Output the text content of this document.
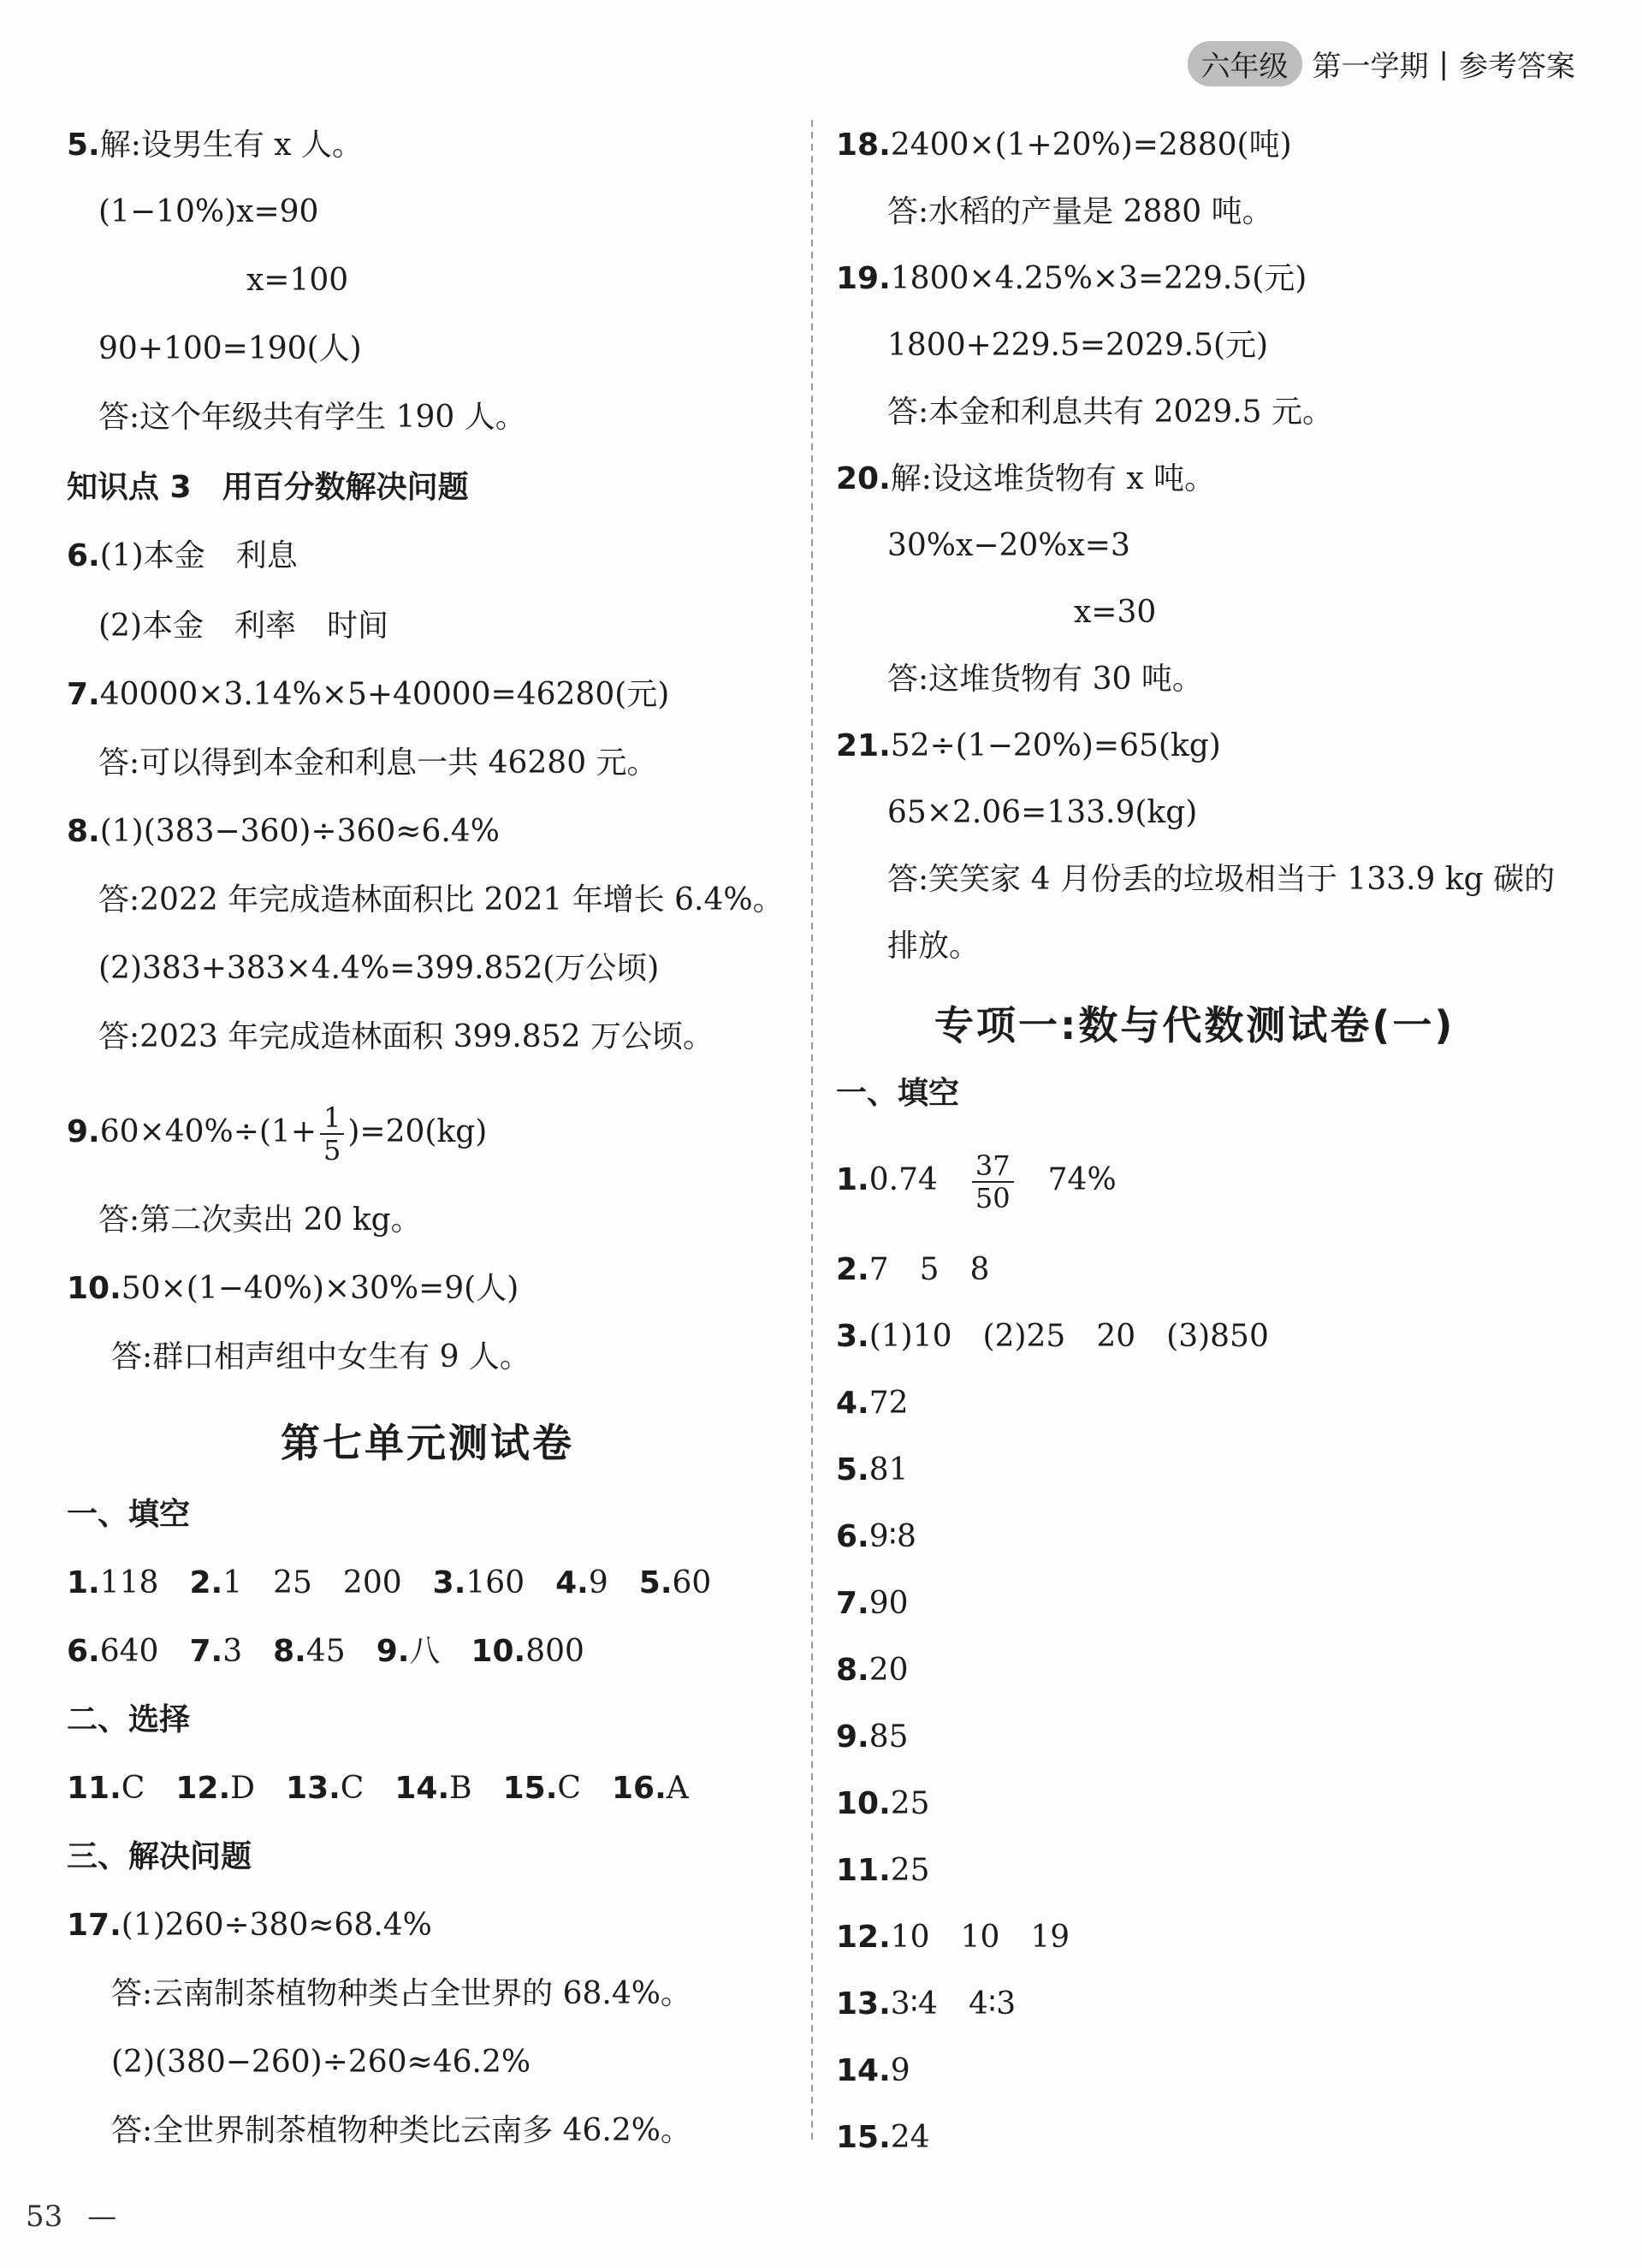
六年级 第一学期 | 参考答案
5.解:设男生有 x 人。
(1−10%)x=90
x=100
90+100=190(人)
答:这个年级共有学生 190 人。
知识点 3　用百分数解决问题
6.(1)本金　利息
(2)本金　利率　时间
7.40000×3.14%×5+40000=46280(元)
答:可以得到本金和利息一共 46280 元。
8.(1)(383−360)÷360≈6.4%
答:2022 年完成造林面积比 2021 年增长 6.4%。
(2)383+383×4.4%=399.852(万公顷)
答:2023 年完成造林面积 399.852 万公顷。
$9.60\times 40\%\div(1+ \frac{1}{5} )=20(kg)$
答:第二次卖出 20 kg。
10.50×(1−40%)×30%=9(人)
答:群口相声组中女生有 9 人。
第七单元测试卷
一、填空
1.118　 2.1　25　200　 3.160　 4.9　 5.60
6.640　 7.3　 8.45　 9.八　 10.800
二、选择
11.C　 12.D　 13.C　 14.B　 15.C　 16.A
三、解决问题
17.(1)260÷380≈68.4%
答:云南制茶植物种类占全世界的 68.4%。
(2)(380−260)÷260≈46.2%
答:全世界制茶植物种类比云南多 46.2%。
18.2400×(1+20%)=2880(吨)
答:水稻的产量是 2880 吨。
19.1800×4.25%×3=229.5(元)
1800+229.5=2029.5(元)
答:本金和利息共有 2029.5 元。
20.解:设这堆货物有 x 吨。
30%x−20%x=3
x=30
答:这堆货物有 30 吨。
21.52÷(1−20%)=65(kg)
65×2.06=133.9(kg)
答:笑笑家 4 月份丢的垃圾相当于 133.9 kg 碳的
排放。
专项一:数与代数测试卷(一)
一、填空
1.0.74　 $\frac{37}{50}$
　 74%
2.7　5　8
3.(1)10　(2)25　20　(3)850
4.72
5.81
6.9∶8
7.90
8.20
9.85
10.25
11.25
12.10　10　19
13.3∶4　4∶3
14.9
15.24
53 —
